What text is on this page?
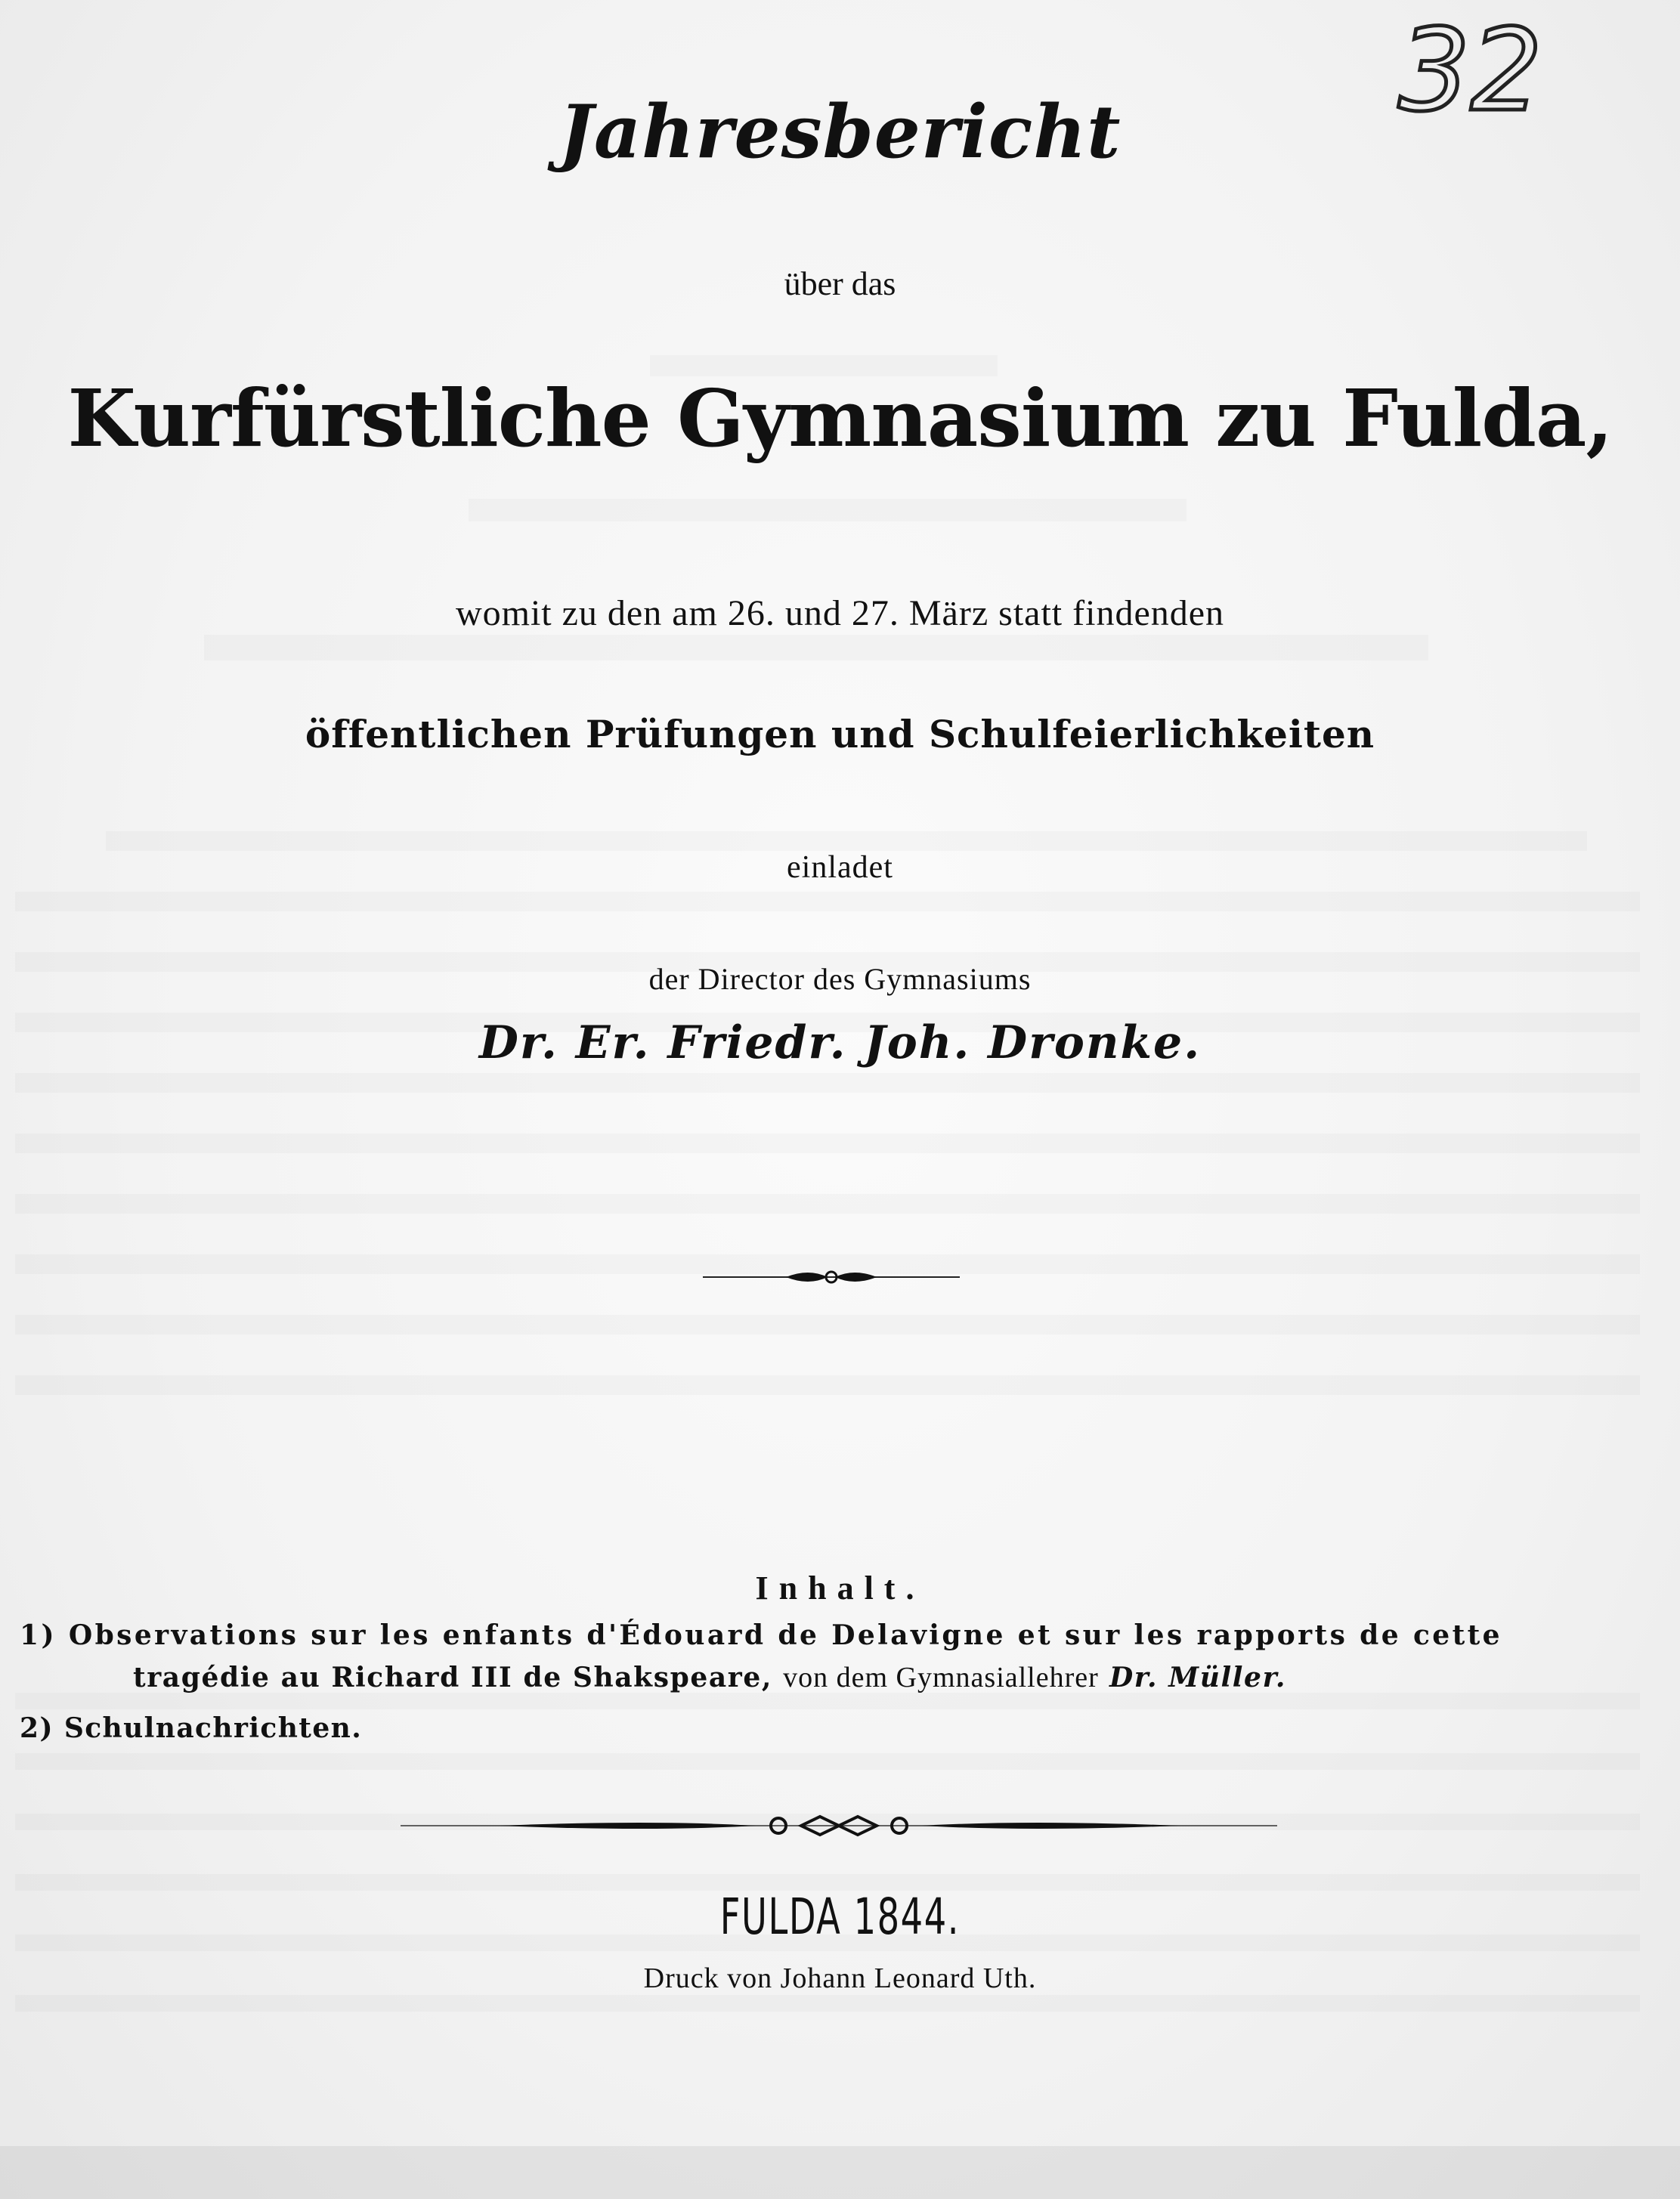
32
Jahresbericht
über das
Kurfürstliche Gymnasium zu Fulda,
womit zu den am 26. und 27. März statt findenden
öffentlichen Prüfungen und Schulfeierlichkeiten
einladet
der Director des Gymnasiums
Dr. Er. Friedr. Joh. Dronke.
Inhalt.
1) Observations sur les enfants d'Édouard de Delavigne et sur les rapports de cette
tragédie au Richard III de Shakspeare, von dem Gymnasiallehrer Dr. Müller.
2) Schulnachrichten.
FULDA 1844.
Druck von Johann Leonard Uth.
